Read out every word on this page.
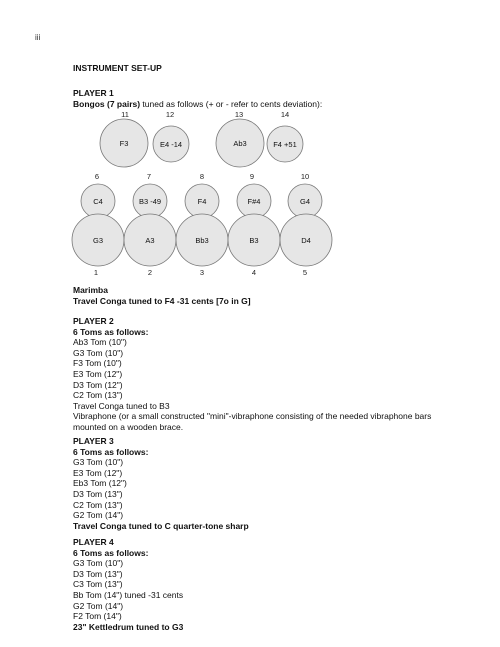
iii
INSTRUMENT SET-UP
PLAYER 1
Bongos (7 pairs) tuned as follows (+ or - refer to cents deviation):
11	12	13	14
F3	E4 -14	Ab3	F4 +51
6	7	8	9	10
C4	B3 -49	F4	F#4	G4
G3	A3	Bb3	B3	D4
1	2	3	4	5
Marimba
Travel Conga tuned to F4 -31 cents [7o in G]
PLAYER 2
6 Toms as follows:
Ab3 Tom (10")
G3 Tom (10")
F3 Tom (10")
E3 Tom (12")
D3 Tom (12")
C2 Tom (13")
Travel Conga tuned to B3
Vibraphone (or a small constructed "mini"-vibraphone consisting of the needed vibraphone bars mounted on a wooden brace.
PLAYER 3
6 Toms as follows:
G3 Tom (10")
E3 Tom (12")
Eb3 Tom (12")
D3 Tom (13")
C2 Tom (13")
G2 Tom (14")
Travel Conga tuned to C quarter-tone sharp
PLAYER 4
6 Toms as follows:
G3 Tom (10")
D3 Tom (13")
C3 Tom (13")
Bb Tom (14") tuned -31 cents
G2 Tom (14")
F2 Tom (14")
23" Kettledrum tuned to G3
